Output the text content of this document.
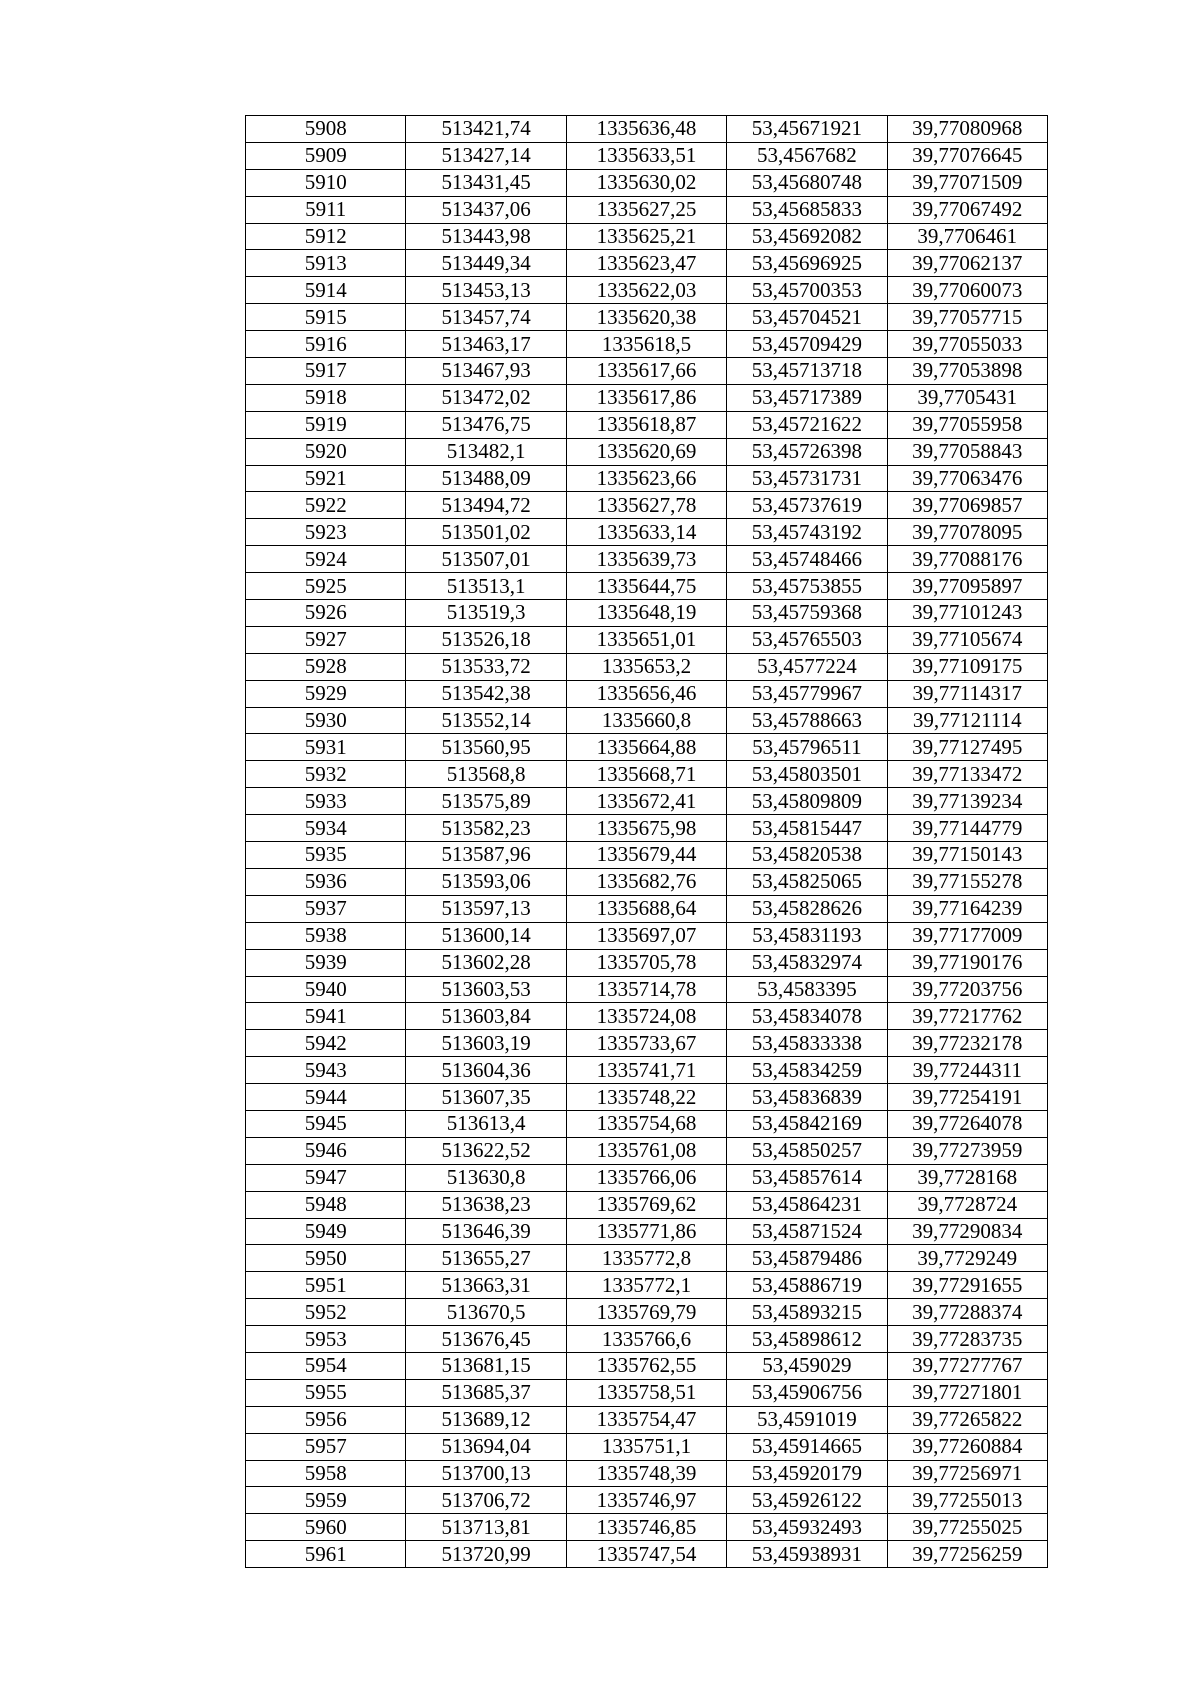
5908	513421,74	1335636,48	53,45671921	39,77080968
5909	513427,14	1335633,51	53,4567682	39,77076645
5910	513431,45	1335630,02	53,45680748	39,77071509
5911	513437,06	1335627,25	53,45685833	39,77067492
5912	513443,98	1335625,21	53,45692082	39,7706461
5913	513449,34	1335623,47	53,45696925	39,77062137
5914	513453,13	1335622,03	53,45700353	39,77060073
5915	513457,74	1335620,38	53,45704521	39,77057715
5916	513463,17	1335618,5	53,45709429	39,77055033
5917	513467,93	1335617,66	53,45713718	39,77053898
5918	513472,02	1335617,86	53,45717389	39,7705431
5919	513476,75	1335618,87	53,45721622	39,77055958
5920	513482,1	1335620,69	53,45726398	39,77058843
5921	513488,09	1335623,66	53,45731731	39,77063476
5922	513494,72	1335627,78	53,45737619	39,77069857
5923	513501,02	1335633,14	53,45743192	39,77078095
5924	513507,01	1335639,73	53,45748466	39,77088176
5925	513513,1	1335644,75	53,45753855	39,77095897
5926	513519,3	1335648,19	53,45759368	39,77101243
5927	513526,18	1335651,01	53,45765503	39,77105674
5928	513533,72	1335653,2	53,4577224	39,77109175
5929	513542,38	1335656,46	53,45779967	39,77114317
5930	513552,14	1335660,8	53,45788663	39,77121114
5931	513560,95	1335664,88	53,45796511	39,77127495
5932	513568,8	1335668,71	53,45803501	39,77133472
5933	513575,89	1335672,41	53,45809809	39,77139234
5934	513582,23	1335675,98	53,45815447	39,77144779
5935	513587,96	1335679,44	53,45820538	39,77150143
5936	513593,06	1335682,76	53,45825065	39,77155278
5937	513597,13	1335688,64	53,45828626	39,77164239
5938	513600,14	1335697,07	53,45831193	39,77177009
5939	513602,28	1335705,78	53,45832974	39,77190176
5940	513603,53	1335714,78	53,4583395	39,77203756
5941	513603,84	1335724,08	53,45834078	39,77217762
5942	513603,19	1335733,67	53,45833338	39,77232178
5943	513604,36	1335741,71	53,45834259	39,77244311
5944	513607,35	1335748,22	53,45836839	39,77254191
5945	513613,4	1335754,68	53,45842169	39,77264078
5946	513622,52	1335761,08	53,45850257	39,77273959
5947	513630,8	1335766,06	53,45857614	39,7728168
5948	513638,23	1335769,62	53,45864231	39,7728724
5949	513646,39	1335771,86	53,45871524	39,77290834
5950	513655,27	1335772,8	53,45879486	39,7729249
5951	513663,31	1335772,1	53,45886719	39,77291655
5952	513670,5	1335769,79	53,45893215	39,77288374
5953	513676,45	1335766,6	53,45898612	39,77283735
5954	513681,15	1335762,55	53,459029	39,77277767
5955	513685,37	1335758,51	53,45906756	39,77271801
5956	513689,12	1335754,47	53,4591019	39,77265822
5957	513694,04	1335751,1	53,45914665	39,77260884
5958	513700,13	1335748,39	53,45920179	39,77256971
5959	513706,72	1335746,97	53,45926122	39,77255013
5960	513713,81	1335746,85	53,45932493	39,77255025
5961	513720,99	1335747,54	53,45938931	39,77256259
